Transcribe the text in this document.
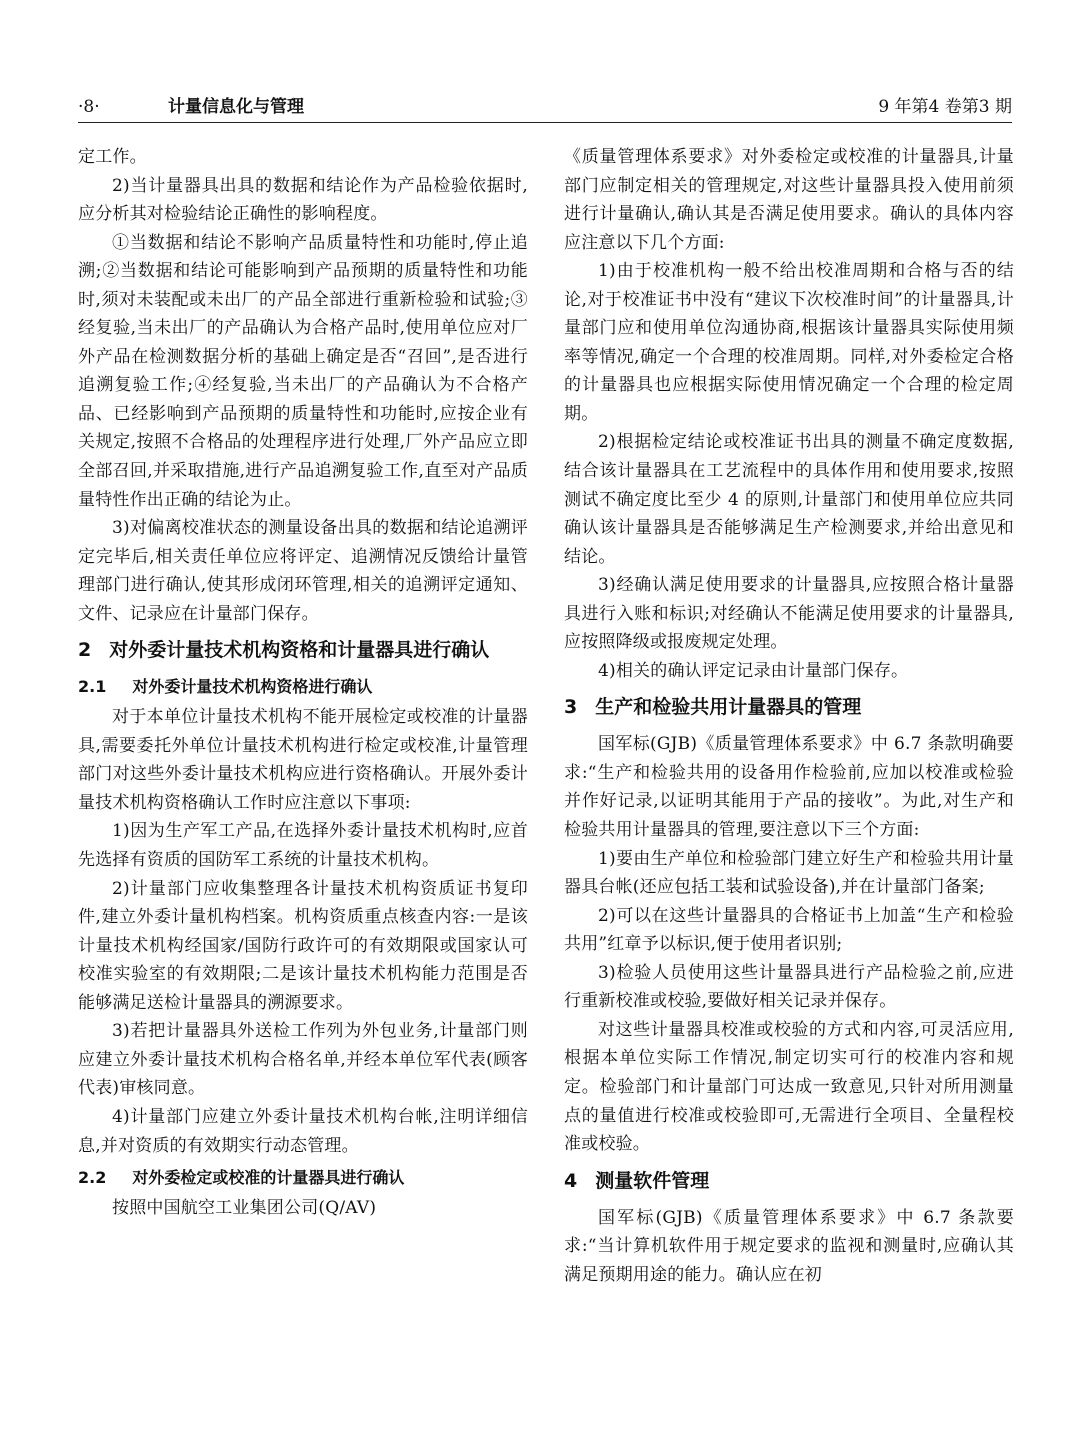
·8·	计量信息化与管理	9 年第4 卷第3 期

定工作。

2)当计量器具出具的数据和结论作为产品检验依据时,应分析其对检验结论正确性的影响程度。

①当数据和结论不影响产品质量特性和功能时,停止追溯;②当数据和结论可能影响到产品预期的质量特性和功能时,须对未装配或未出厂的产品全部进行重新检验和试验;③经复验,当未出厂的产品确认为合格产品时,使用单位应对厂外产品在检测数据分析的基础上确定是否“召回”,是否进行追溯复验工作;④经复验,当未出厂的产品确认为不合格产品、已经影响到产品预期的质量特性和功能时,应按企业有关规定,按照不合格品的处理程序进行处理,厂外产品应立即全部召回,并采取措施,进行产品追溯复验工作,直至对产品质量特性作出正确的结论为止。

3)对偏离校准状态的测量设备出具的数据和结论追溯评定完毕后,相关责任单位应将评定、追溯情况反馈给计量管理部门进行确认,使其形成闭环管理,相关的追溯评定通知、文件、记录应在计量部门保存。

2 对外委计量技术机构资格和计量器具进行确认
2.1 对外委计量技术机构资格进行确认

对于本单位计量技术机构不能开展检定或校准的计量器具,需要委托外单位计量技术机构进行检定或校准,计量管理部门对这些外委计量技术机构应进行资格确认。开展外委计量技术机构资格确认工作时应注意以下事项:

1)因为生产军工产品,在选择外委计量技术机构时,应首先选择有资质的国防军工系统的计量技术机构。

2)计量部门应收集整理各计量技术机构资质证书复印件,建立外委计量机构档案。机构资质重点核查内容:一是该计量技术机构经国家/国防行政许可的有效期限或国家认可校准实验室的有效期限;二是该计量技术机构能力范围是否能够满足送检计量器具的溯源要求。

3)若把计量器具外送检工作列为外包业务,计量部门则应建立外委计量技术机构合格名单,并经本单位军代表(顾客代表)审核同意。

4)计量部门应建立外委计量技术机构台帐,注明详细信息,并对资质的有效期实行动态管理。

2.2 对外委检定或校准的计量器具进行确认

按照中国航空工业集团公司(Q/AV)

《质量管理体系要求》对外委检定或校准的计量器具,计量部门应制定相关的管理规定,对这些计量器具投入使用前须进行计量确认,确认其是否满足使用要求。确认的具体内容应注意以下几个方面:

1)由于校准机构一般不给出校准周期和合格与否的结论,对于校准证书中没有“建议下次校准时间”的计量器具,计量部门应和使用单位沟通协商,根据该计量器具实际使用频率等情况,确定一个合理的校准周期。同样,对外委检定合格的计量器具也应根据实际使用情况确定一个合理的检定周期。

2)根据检定结论或校准证书出具的测量不确定度数据,结合该计量器具在工艺流程中的具体作用和使用要求,按照测试不确定度比至少 4 的原则,计量部门和使用单位应共同确认该计量器具是否能够满足生产检测要求,并给出意见和结论。

3)经确认满足使用要求的计量器具,应按照合格计量器具进行入账和标识;对经确认不能满足使用要求的计量器具,应按照降级或报废规定处理。

4)相关的确认评定记录由计量部门保存。

3 生产和检验共用计量器具的管理

国军标(GJB)《质量管理体系要求》中 6.7 条款明确要求:“生产和检验共用的设备用作检验前,应加以校准或检验并作好记录,以证明其能用于产品的接收”。为此,对生产和检验共用计量器具的管理,要注意以下三个方面:

1)要由生产单位和检验部门建立好生产和检验共用计量器具台帐(还应包括工装和试验设备),并在计量部门备案;

2)可以在这些计量器具的合格证书上加盖“生产和检验共用”红章予以标识,便于使用者识别;

3)检验人员使用这些计量器具进行产品检验之前,应进行重新校准或校验,要做好相关记录并保存。

对这些计量器具校准或校验的方式和内容,可灵活应用,根据本单位实际工作情况,制定切实可行的校准内容和规定。检验部门和计量部门可达成一致意见,只针对所用测量点的量值进行校准或校验即可,无需进行全项目、全量程校准或校验。

4 测量软件管理

国军标(GJB)《质量管理体系要求》中 6.7 条款要求:“当计算机软件用于规定要求的监视和测量时,应确认其满足预期用途的能力。确认应在初
